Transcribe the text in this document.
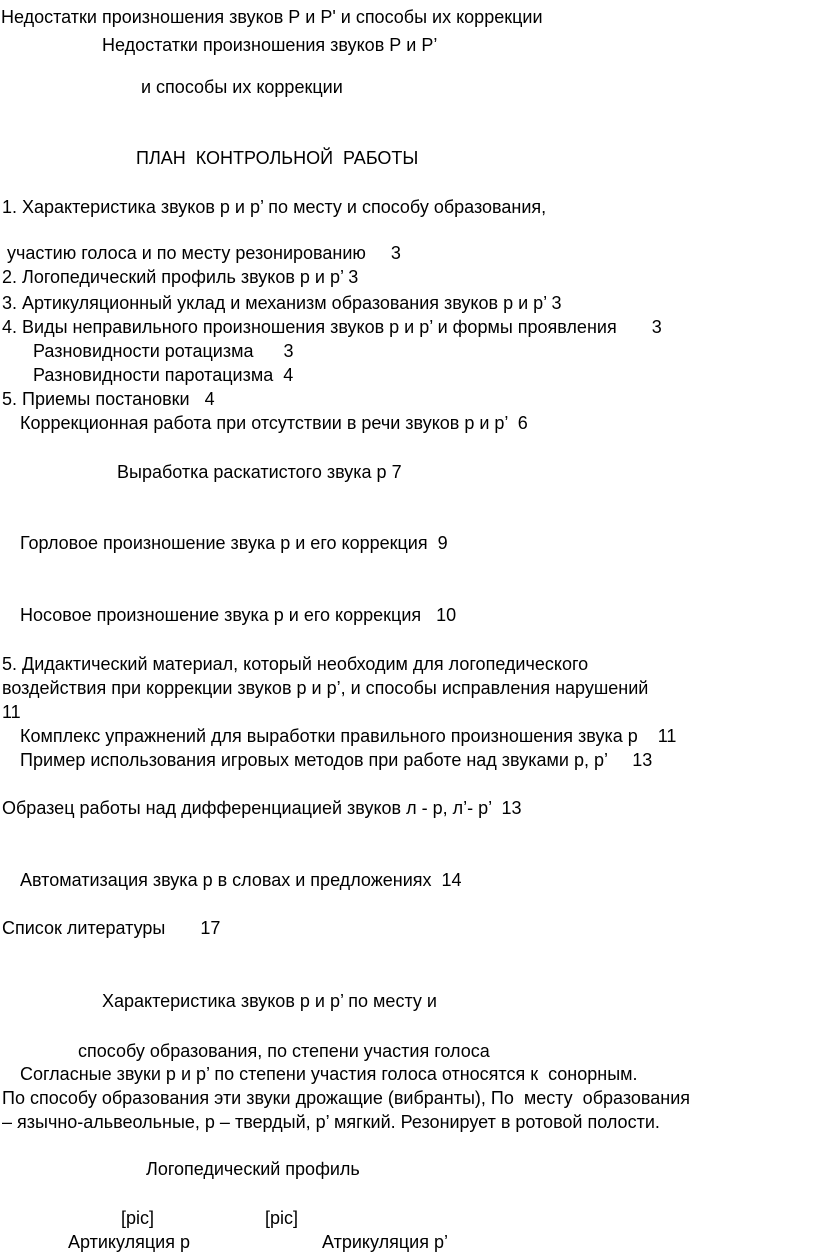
Недостатки произношения звуков Р и Р' и способы их коррекции
Недостатки произношения звуков Р и Р’
и способы их коррекции
ПЛАН  КОНТРОЛЬНОЙ  РАБОТЫ
1. Характеристика звуков р и р’ по месту и способу образования,
участию голоса и по месту резонированию     3
2. Логопедический профиль звуков р и р’ 3
3. Артикуляционный уклад и механизм образования звуков р и р’ 3
4. Виды неправильного произношения звуков р и р’ и формы проявления       3
Разновидности ротацизма      3
Разновидности паротацизма  4
5. Приемы постановки   4
Коррекционная работа при отсутствии в речи звуков р и р’  6
Выработка раскатистого звука р 7
Горловое произношение звука р и его коррекция  9
Носовое произношение звука р и его коррекция   10
5. Дидактический материал, который необходим для логопедического
воздействия при коррекции звуков р и р’, и способы исправления нарушений
11
Комплекс упражнений для выработки правильного произношения звука р    11
Пример использования игровых методов при работе над звуками р, р’     13
Образец работы над дифференциацией звуков л - р, л’- р’  13
Автоматизация звука р в словах и предложениях  14
Список литературы       17
Характеристика звуков р и р’ по месту и
способу образования, по степени участия голоса
Согласные звуки р и р’ по степени участия голоса относятся к  сонорным.
По способу образования эти звуки дрожащие (вибранты), По  месту  образования
– язычно-альвеольные, р – твердый, р’ мягкий. Резонирует в ротовой полости.
Логопедический профиль
[pic]	[pic]
Артикуляция р	Атрикуляция р’
